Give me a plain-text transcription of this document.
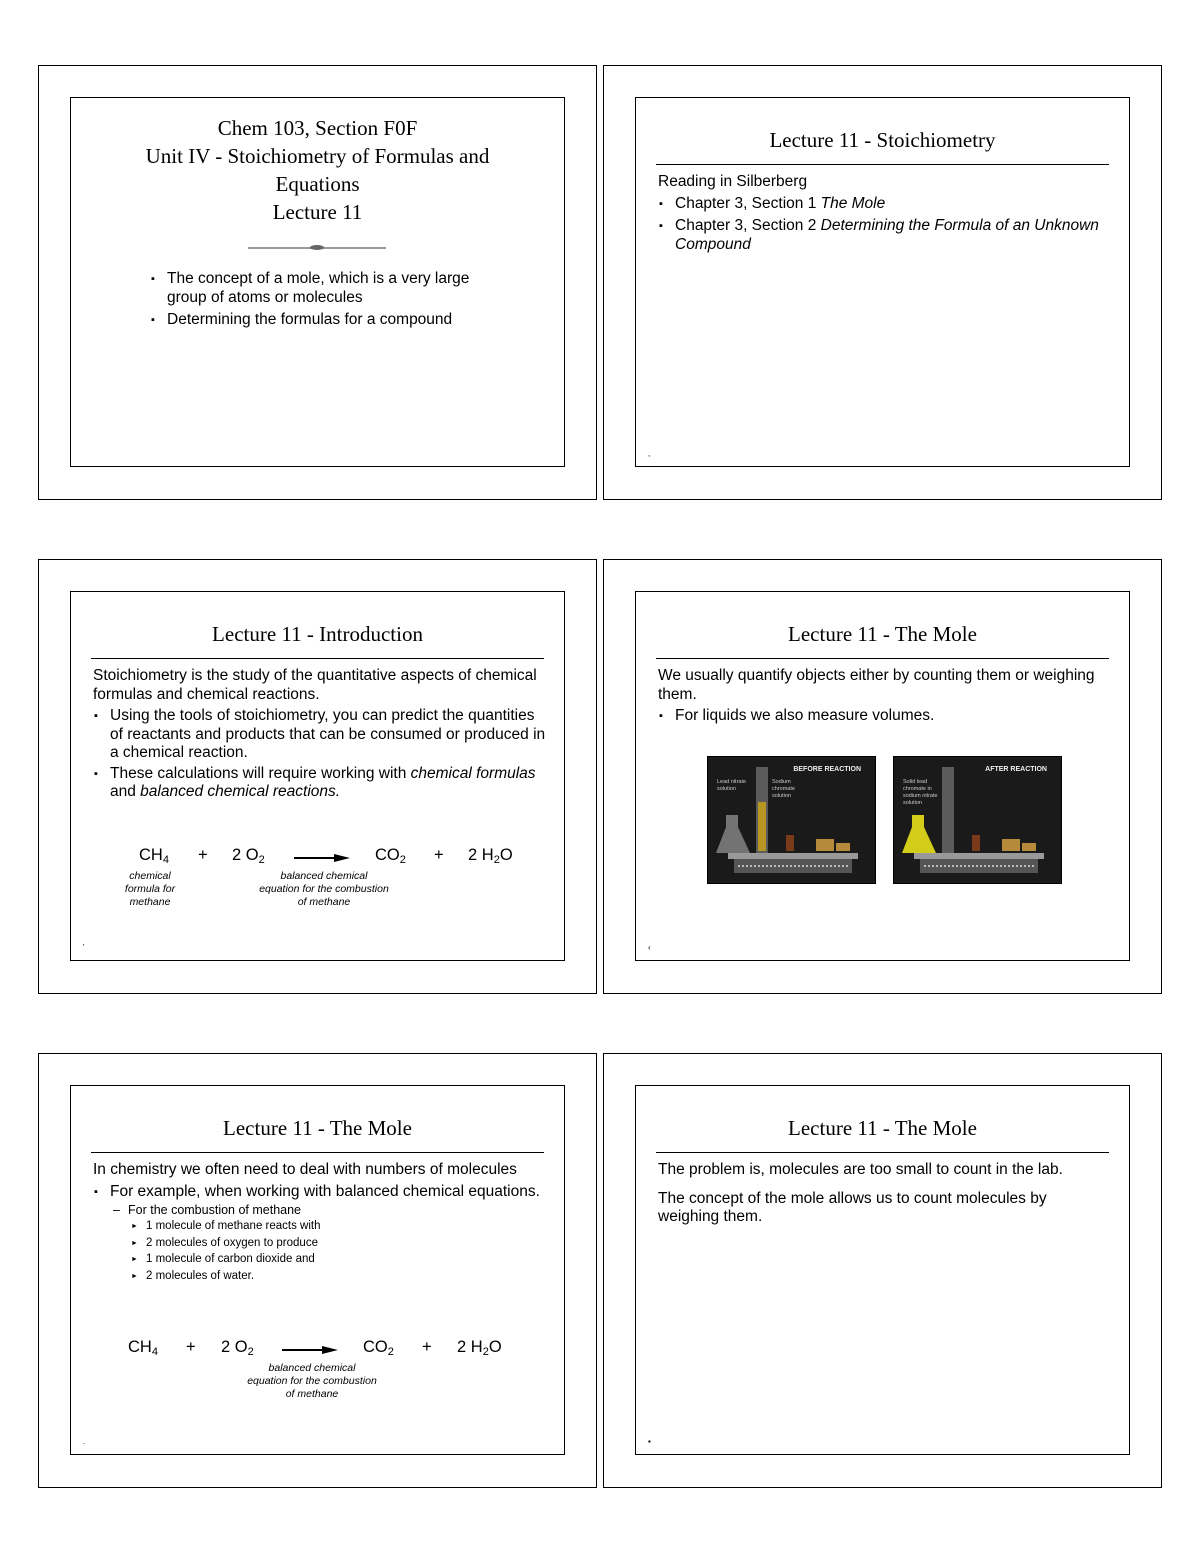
Chem 103, Section F0F
Unit IV - Stoichiometry of Formulas and
Equations
Lecture 11
▪ The concept of a mole, which is a very large group of atoms or molecules
▪ Determining the formulas for a compound
Lecture 11 - Stoichiometry

Reading in Silberberg

▪ Chapter 3, Section 1 The Mole
▪ Chapter 3, Section 2 Determining the Formula of an Unknown Compound
,
Lecture 11 - Introduction

Stoichiometry is the study of the quantitative aspects of chemical formulas and chemical reactions.

▪ Using the tools of stoichiometry, you can predict the quantities of reactants and products that can be consumed or produced in a chemical reaction.
▪ These calculations will require working with chemical formulas and balanced chemical reactions.
$CH_4 + 2$ $O_2$	$CO_2 + 2$ $H_2O$
chemical formula for methane
balanced chemical equation for the combustion of methane
'
Lecture 11 - The Mole

We usually quantify objects either by counting them or weighing them.

▪ For liquids we also measure volumes.
BEFORE REACTION
Lead nitrate solution
Sodium chromate solution
AFTER REACTION
Solid lead chromate in sodium nitrate solution
‹
Lecture 11 - The Mole

In chemistry we often need to deal with numbers of molecules

▪ For example, when working with balanced chemical equations.
– For the combustion of methane
► 1 molecule of methane reacts with
► 2 molecules of oxygen to produce
► 1 molecule of carbon dioxide and
► 2 molecules of water.
$CH_4 + 2$ $O_2$	$CO_2 + 2$ $H_2O$
balanced chemical equation for the combustion of methane
.
Lecture 11 - The Mole

The problem is, molecules are too small to count in the lab.

The concept of the mole allows us to count molecules by weighing them.

▪
